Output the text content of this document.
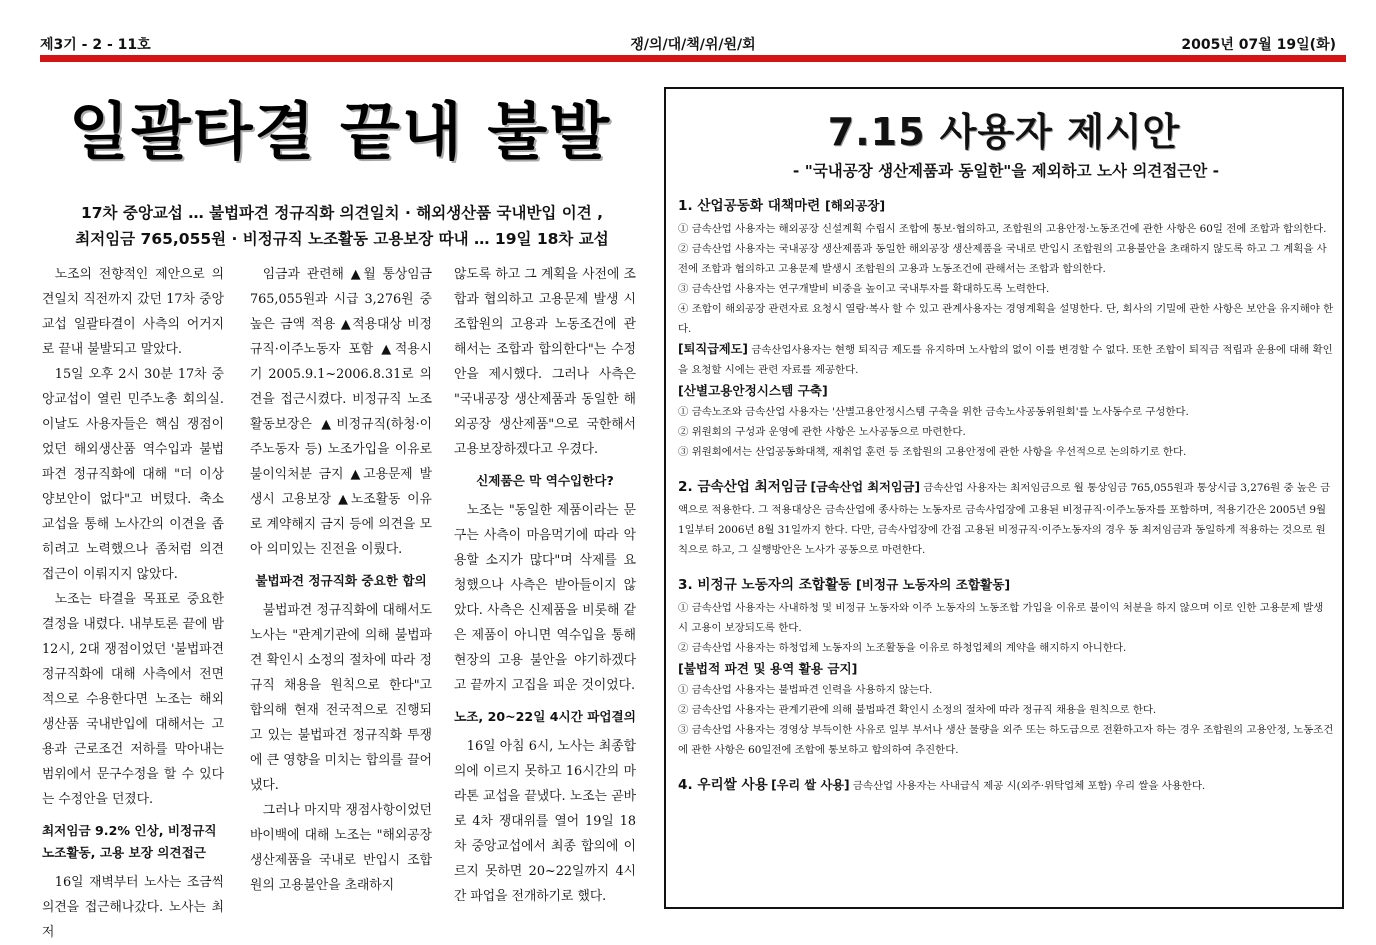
제3기 - 2 - 11호	쟁/의/대/책/위/원/회	2005년 07월 19일(화)
일괄타결 끝내 불발
17차 중앙교섭 … 불법파견 정규직화 의견일치 · 해외생산품 국내반입 이견 ,
최저임금 765,055원 · 비정규직 노조활동 고용보장 따내 … 19일 18차 교섭

노조의 전향적인 제안으로 의견일치 직전까지 갔던 17차 중앙교섭 일괄타결이 사측의 어거지로 끝내 불발되고 말았다.

15일 오후 2시 30분 17차 중앙교섭이 열린 민주노총 회의실. 이날도 사용자들은 핵심 쟁점이었던 해외생산품 역수입과 불법파견 정규직화에 대해 "더 이상 양보안이 없다"고 버텼다. 축소교섭을 통해 노사간의 이견을 좁히려고 노력했으나 좀처럼 의견 접근이 이뤄지지 않았다.

노조는 타결을 목표로 중요한 결정을 내렸다. 내부토론 끝에 밤 12시, 2대 쟁점이었던 '불법파견 정규직화에 대해 사측에서 전면적으로 수용한다면 노조는 해외생산품 국내반입에 대해서는 고용과 근로조건 저하를 막아내는 범위에서 문구수정을 할 수 있다는 수정안을 던졌다.

최저임금 9.2% 인상, 비정규직 노조활동, 고용 보장 의견접근

16일 재벽부터 노사는 조금씩 의견을 접근해나갔다. 노사는 최저

임금과 관련해 ▲월 통상임금 765,055원과 시급 3,276원 중 높은 금액 적용 ▲적용대상 비정규직·이주노동자 포함 ▲적용시기 2005.9.1~2006.8.31로 의견을 접근시켰다. 비정규직 노조활동보장은 ▲비정규직(하청·이주노동자 등) 노조가입을 이유로 불이익처분 금지 ▲고용문제 발생시 고용보장 ▲노조활동 이유로 계약해지 금지 등에 의견을 모아 의미있는 진전을 이뤘다.

불법파견 정규직화 중요한 합의

불법파견 정규직화에 대해서도 노사는 "관계기관에 의해 불법파견 확인시 소정의 절차에 따라 정규직 채용을 원칙으로 한다"고 합의해 현재 전국적으로 진행되고 있는 불법파견 정규직화 투쟁에 큰 영향을 미치는 합의를 끌어냈다.

그러나 마지막 쟁점사항이었던 바이백에 대해 노조는 "해외공장 생산제품을 국내로 반입시 조합원의 고용불안을 초래하지

않도록 하고 그 계획을 사전에 조합과 협의하고 고용문제 발생 시 조합원의 고용과 노동조건에 관해서는 조합과 합의한다"는 수정안을 제시했다. 그러나 사측은 "국내공장 생산제품과 동일한 해외공장 생산제품"으로 국한해서 고용보장하겠다고 우겼다.

신제품은 막 역수입한다?

노조는 "동일한 제품이라는 문구는 사측이 마음먹기에 따라 악용할 소지가 많다"며 삭제를 요청했으나 사측은 받아들이지 않았다. 사측은 신제품을 비롯해 같은 제품이 아니면 역수입을 통해 현장의 고용 불안을 야기하겠다고 끝까지 고집을 피운 것이었다.

노조, 20~22일 4시간 파업결의

16일 아침 6시, 노사는 최종합의에 이르지 못하고 16시간의 마라톤 교섭을 끝냈다. 노조는 곧바로 4차 쟁대위를 열어 19일 18차 중앙교섭에서 최종 합의에 이르지 못하면 20~22일까지 4시간 파업을 전개하기로 했다.

7.15 사용자 제시안
- "국내공장 생산제품과 동일한"을 제외하고 노사 의견접근안 -
1. 산업공동화 대책마련 [해외공장]
① 금속산업 사용자는 해외공장 신설계획 수립시 조합에 통보·협의하고, 조합원의 고용안정·노동조건에 관한 사항은 60일 전에 조합과 합의한다.
② 금속산업 사용자는 국내공장 생산제품과 동일한 해외공장 생산제품을 국내로 반입시 조합원의 고용불안을 초래하지 않도록 하고 그 계획을 사전에 조합과 협의하고 고용문제 발생시 조합원의 고용과 노동조건에 관해서는 조합과 합의한다.
③ 금속산업 사용자는 연구개발비 비중을 높이고 국내투자를 확대하도록 노력한다.
④ 조합이 해외공장 관련자료 요청시 열람·복사 할 수 있고 관계사용자는 경영계획을 설명한다. 단, 회사의 기밀에 관한 사항은 보안을 유지해야 한다.
[퇴직급제도] 금속산업사용자는 현행 퇴직금 제도를 유지하며 노사합의 없이 이를 변경할 수 없다. 또한 조합이 퇴직금 적립과 운용에 대해 확인을 요청할 시에는 관련 자료를 제공한다.
[산별고용안정시스템 구축]
① 금속노조와 금속산업 사용자는 '산별고용안정시스템 구축을 위한 금속노사공동위원회'를 노사동수로 구성한다.
② 위원회의 구성과 운영에 관한 사항은 노사공동으로 마련한다.
③ 위원회에서는 산업공동화대책, 재취업 훈련 등 조합원의 고용안정에 관한 사항을 우선적으로 논의하기로 한다.
2. 금속산업 최저임금 [금속산업 최저임금] 금속산업 사용자는 최저임금으로 월 통상임금 765,055원과 통상시급 3,276원 중 높은 금액으로 적용한다. 그 적용대상은 금속산업에 종사하는 노동자로 금속사업장에 고용된 비정규직·이주노동자를 포함하며, 적용기간은 2005년 9월 1일부터 2006년 8월 31일까지 한다. 다만, 금속사업장에 간접 고용된 비정규직·이주노동자의 경우 동 최저임금과 동일하게 적용하는 것으로 원칙으로 하고, 그 실행방안은 노사가 공동으로 마련한다.
3. 비정규 노동자의 조합활동 [비정규 노동자의 조합활동]
① 금속산업 사용자는 사내하청 및 비정규 노동자와 이주 노동자의 노동조합 가입을 이유로 불이익 처분을 하지 않으며 이로 인한 고용문제 발생 시 고용이 보장되도록 한다.
② 금속산업 사용자는 하청업체 노동자의 노조활동을 이유로 하청업체의 계약을 해지하지 아니한다.
[불법적 파견 및 용역 활용 금지]
① 금속산업 사용자는 불법파견 인력을 사용하지 않는다.
② 금속산업 사용자는 관계기관에 의해 불법파견 확인시 소정의 절차에 따라 정규직 채용을 원칙으로 한다.
③ 금속산업 사용자는 경영상 부득이한 사유로 일부 부서나 생산 물량을 외주 또는 하도급으로 전환하고자 하는 경우 조합원의 고용안정, 노동조건에 관한 사항은 60일전에 조합에 통보하고 합의하여 추진한다.
4. 우리쌀 사용 [우리 쌀 사용] 금속산업 사용자는 사내급식 제공 시(외주·위탁업체 포함) 우리 쌀을 사용한다.
